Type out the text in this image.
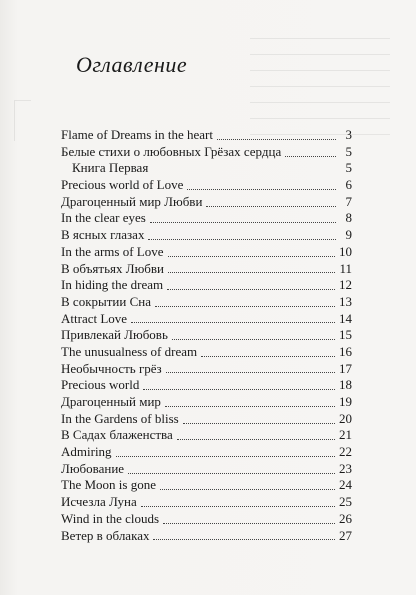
Оглавление
Flame of Dreams in the heart	3
Белые стихи о любовных Грёзах сердца	5
Книга Первая	5
Precious world of Love	6
Драгоценный мир Любви	7
In the clear eyes	8
В ясных глазах	9
In the arms of Love	10
В объятьях Любви	11
In hiding the dream	12
В сокрытии Сна	13
Attract Love	14
Привлекай Любовь	15
The unusualness of dream	16
Необычность грёз	17
Precious world	18
Драгоценный мир	19
In the Gardens of bliss	20
В Садах блаженства	21
Admiring	22
Любование	23
The Moon is gone	24
Исчезла Луна	25
Wind in the clouds	26
Ветер в облаках	27
